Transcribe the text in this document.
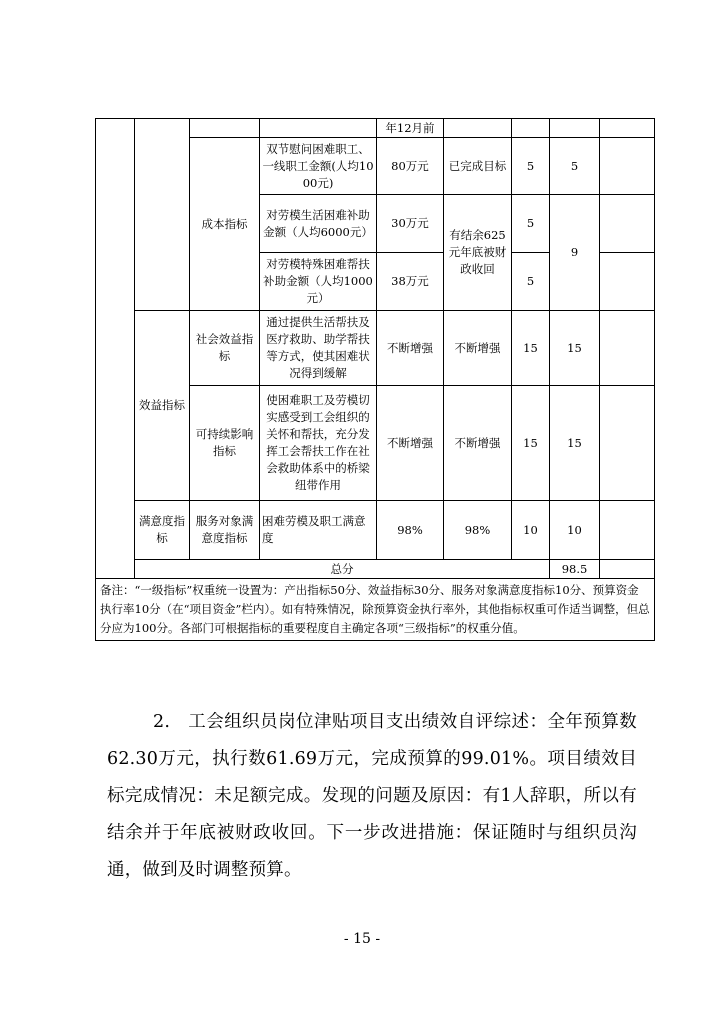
				年12月前				
		成本指标	双节慰问困难职工、一线职工金额(人均1000元)	80万元	已完成目标	5	5	
			对劳模生活困难补助金额（人均6000元）	30万元	有结余625元年底被财政收回	5	9	
			对劳模特殊困难帮扶补助金额（人均1000元）	38万元		5		
	效益指标	社会效益指标	通过提供生活帮扶及医疗救助、助学帮扶等方式，使其困难状况得到缓解	不断增强	不断增强	15	15	
		可持续影响指标	使困难职工及劳模切实感受到工会组织的关怀和帮扶，充分发挥工会帮扶工作在社会救助体系中的桥梁纽带作用	不断增强	不断增强	15	15	
	满意度指标	服务对象满意度指标	困难劳模及职工满意度	98%	98%	10	10	
	总分						98.5	
备注：“一级指标”权重统一设置为：产出指标50分、效益指标30分、服务对象满意度指标10分、预算资金执行率10分（在“项目资金”栏内）。如有特殊情况，除预算资金执行率外，其他指标权重可作适当调整，但总分应为100分。各部门可根据指标的重要程度自主确定各项“三级指标”的权重分值。								
2.　工会组织员岗位津贴项目支出绩效自评综述：全年预算数62.30万元，执行数61.69万元，完成预算的99.01%。项目绩效目标完成情况：未足额完成。发现的问题及原因：有1人辞职，所以有结余并于年底被财政收回。下一步改进措施：保证随时与组织员沟通，做到及时调整预算。
- 15 -
